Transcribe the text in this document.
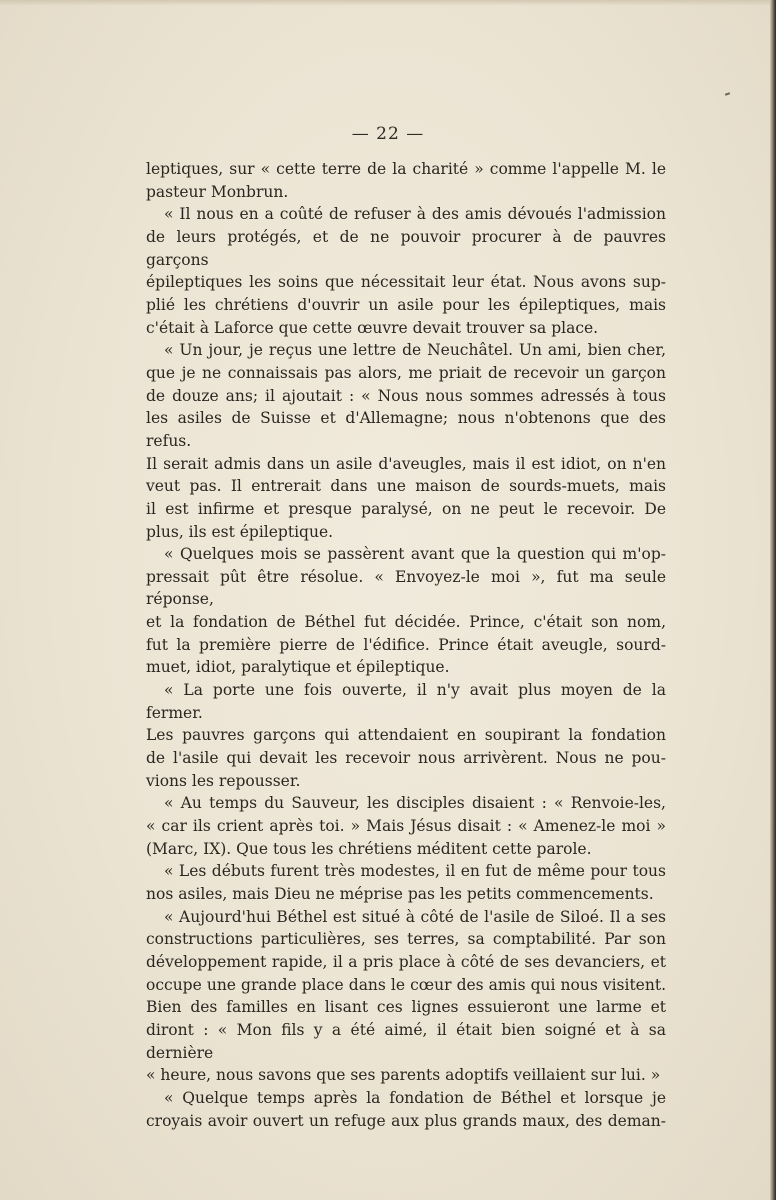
— 22 —

leptiques, sur « cette terre de la charité » comme l'appelle M. le

pasteur Monbrun.

« Il nous en a coûté de refuser à des amis dévoués l'admission

de leurs protégés, et de ne pouvoir procurer à de pauvres garçons

épileptiques les soins que nécessitait leur état. Nous avons sup-

plié les chrétiens d'ouvrir un asile pour les épileptiques, mais

c'était à Laforce que cette œuvre devait trouver sa place.

« Un jour, je reçus une lettre de Neuchâtel. Un ami, bien cher,

que je ne connaissais pas alors, me priait de recevoir un garçon

de douze ans; il ajoutait : « Nous nous sommes adressés à tous

les asiles de Suisse et d'Allemagne; nous n'obtenons que des refus.

Il serait admis dans un asile d'aveugles, mais il est idiot, on n'en

veut pas. Il entrerait dans une maison de sourds-muets, mais

il est infirme et presque paralysé, on ne peut le recevoir. De

plus, ils est épileptique.

« Quelques mois se passèrent avant que la question qui m'op-

pressait pût être résolue. « Envoyez-le moi », fut ma seule réponse,

et la fondation de Béthel fut décidée. Prince, c'était son nom,

fut la première pierre de l'édifice. Prince était aveugle, sourd-

muet, idiot, paralytique et épileptique.

« La porte une fois ouverte, il n'y avait plus moyen de la fermer.

Les pauvres garçons qui attendaient en soupirant la fondation

de l'asile qui devait les recevoir nous arrivèrent. Nous ne pou-

vions les repousser.

« Au temps du Sauveur, les disciples disaient : « Renvoie-les,

« car ils crient après toi. » Mais Jésus disait : « Amenez-le moi »

(Marc, IX). Que tous les chrétiens méditent cette parole.

« Les débuts furent très modestes, il en fut de même pour tous

nos asiles, mais Dieu ne méprise pas les petits commencements.

« Aujourd'hui Béthel est situé à côté de l'asile de Siloé. Il a ses

constructions particulières, ses terres, sa comptabilité. Par son

développement rapide, il a pris place à côté de ses devanciers, et

occupe une grande place dans le cœur des amis qui nous visitent.

Bien des familles en lisant ces lignes essuieront une larme et

diront : « Mon fils y a été aimé, il était bien soigné et à sa dernière

« heure, nous savons que ses parents adoptifs veillaient sur lui. »

« Quelque temps après la fondation de Béthel et lorsque je

croyais avoir ouvert un refuge aux plus grands maux, des deman-
